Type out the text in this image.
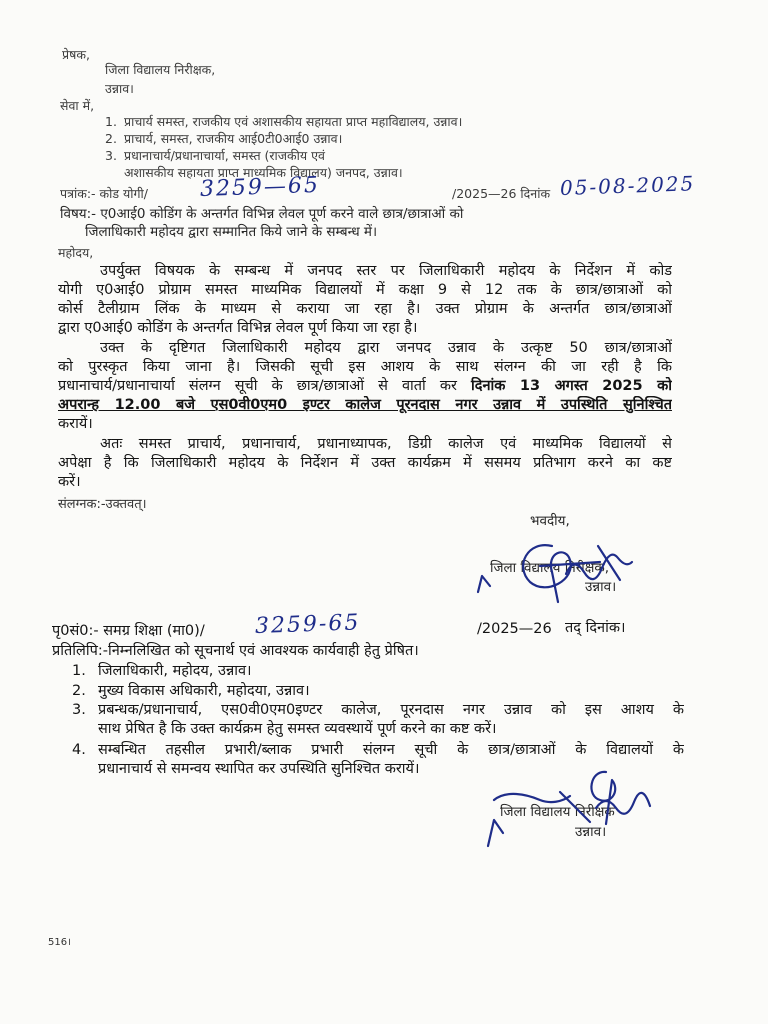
प्रेषक,
जिला विद्यालय निरीक्षक,
उन्नाव।
सेवा में,
1. प्राचार्य समस्त, राजकीय एवं अशासकीय सहायता प्राप्त महाविद्यालय, उन्नाव।
2. प्राचार्य, समस्त, राजकीय आई0टी0आई0 उन्नाव।
3. प्रधानाचार्य/प्रधानाचार्या, समस्त (राजकीय एवं
अशासकीय सहायता प्राप्त माध्यमिक विद्यालय) जनपद, उन्नाव।
पत्रांक:- कोड योगी/	3259—65	/2025—26 दिनांक 05-08-2025
विषय:- ए0आई0 कोडिंग के अन्तर्गत विभिन्न लेवल पूर्ण करने वाले छात्र/छात्राओं को
जिलाधिकारी महोदय द्वारा सम्मानित किये जाने के सम्बन्ध में।
महोदय,
उपर्युक्त विषयक के सम्बन्ध में जनपद स्तर पर जिलाधिकारी महोदय के निर्देशन में कोड
योगी ए0आई0 प्रोग्राम समस्त माध्यमिक विद्यालयों में कक्षा 9 से 12 तक के छात्र/छात्राओं को
कोर्स टैलीग्राम लिंक के माध्यम से कराया जा रहा है। उक्त प्रोग्राम के अन्तर्गत छात्र/छात्राओं
द्वारा ए0आई0 कोडिंग के अन्तर्गत विभिन्न लेवल पूर्ण किया जा रहा है।
उक्त के दृष्टिगत जिलाधिकारी महोदय द्वारा जनपद उन्नाव के उत्कृष्ट 50 छात्र/छात्राओं
को पुरस्कृत किया जाना है। जिसकी सूची इस आशय के साथ संलग्न की जा रही है कि
प्रधानाचार्य/प्रधानाचार्या संलग्न सूची के छात्र/छात्राओं से वार्ता कर दिनांक 13 अगस्त 2025 को
अपरान्ह 12.00 बजे एस0वी0एम0 इण्टर कालेज पूरनदास नगर उन्नाव में उपस्थिति सुनिश्चित
करायें।
अतः समस्त प्राचार्य, प्रधानाचार्य, प्रधानाध्यापक, डिग्री कालेज एवं माध्यमिक विद्यालयों से
अपेक्षा है कि जिलाधिकारी महोदय के निर्देशन में उक्त कार्यक्रम में ससमय प्रतिभाग करने का कष्ट
करें।
संलग्नक:-उक्तवत्।
भवदीय,
जिला विद्यालय निरीक्षक,
उन्नाव।
पृ0सं0:- समग्र शिक्षा (मा0)/	3259-65	/2025—26 तद् दिनांक।
प्रतिलिपि:-निम्नलिखित को सूचनार्थ एवं आवश्यक कार्यवाही हेतु प्रेषित।
1. जिलाधिकारी, महोदय, उन्नाव।
2. मुख्य विकास अधिकारी, महोदया, उन्नाव।
3. प्रबन्धक/प्रधानाचार्य, एस0वी0एम0इण्टर कालेज, पूरनदास नगर उन्नाव को इस आशय के
साथ प्रेषित है कि उक्त कार्यक्रम हेतु समस्त व्यवस्थायें पूर्ण करने का कष्ट करें।
4. सम्बन्धित तहसील प्रभारी/ब्लाक प्रभारी संलग्न सूची के छात्र/छात्राओं के विद्यालयों के
प्रधानाचार्य से समन्वय स्थापित कर उपस्थिति सुनिश्चित करायें।
जिला विद्यालय निरीक्षक
उन्नाव।
516।
